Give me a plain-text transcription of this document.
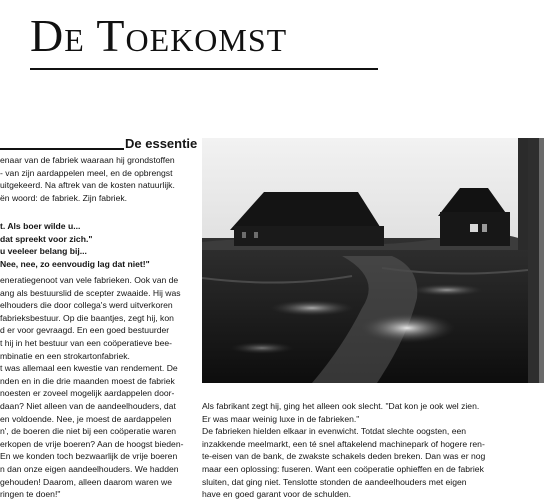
De Toekomst
De essentie
enaar van de fabriek waaraan hij grondstoffen
- van zijn aardappelen meel, en de opbrengst
uitgekeerd. Na aftrek van de kosten natuurlijk.
ën woord: de fabriek. Zijn fabriek.
t. Als boer wilde u...
dat spreekt voor zich."
u veeleer belang bij...
Nee, nee, zo eenvoudig lag dat niet!"
eneratiegenoot van vele fabrieken. Ook van de
ang als bestuurslid de scepter zwaaide. Hij was
elhouders die door collega's werd uitverkoren
fabrieksbestuur. Op die baantjes, zegt hij, kon
d er voor gevraagd. En een goed bestuurder
t hij in het bestuur van een coöperatieve bee-
mbinatie en een strokartonfabriek.
t was allemaal een kwestie van rendement. De
nden en in die drie maanden moest de fabriek
noesten er zoveel mogelijk aardappelen door-
daan? Niet alleen van de aandeelhouders, dat
en voldoende. Nee, je moest de aardappelen
n', de boeren die niet bij een coöperatie waren
erkopen de vrije boeren? Aan de hoogst bieden-
En we konden toch bezwaarlijk de vrije boeren
n dan onze eigen aandeelhouders. We hadden
gehouden! Daarom, alleen daarom waren we
ringen te doen!"
Als fabrikant zegt hij, ging het alleen ook slecht. "Dat kon je ook wel zien.
Er was maar weinig luxe in de fabrieken."
De fabrieken hielden elkaar in evenwicht. Totdat slechte oogsten, een
inzakkende meelmarkt, een té snel aftakelend machinepark of hogere ren-
te-eisen van de bank, de zwakste schakels deden breken. Dan was er nog
maar een oplossing: fuseren. Want een coöperatie ophieffen en de fabriek
sluiten, dat ging niet. Tenslotte stonden de aandeelhouders met eigen
have en goed garant voor de schulden.
